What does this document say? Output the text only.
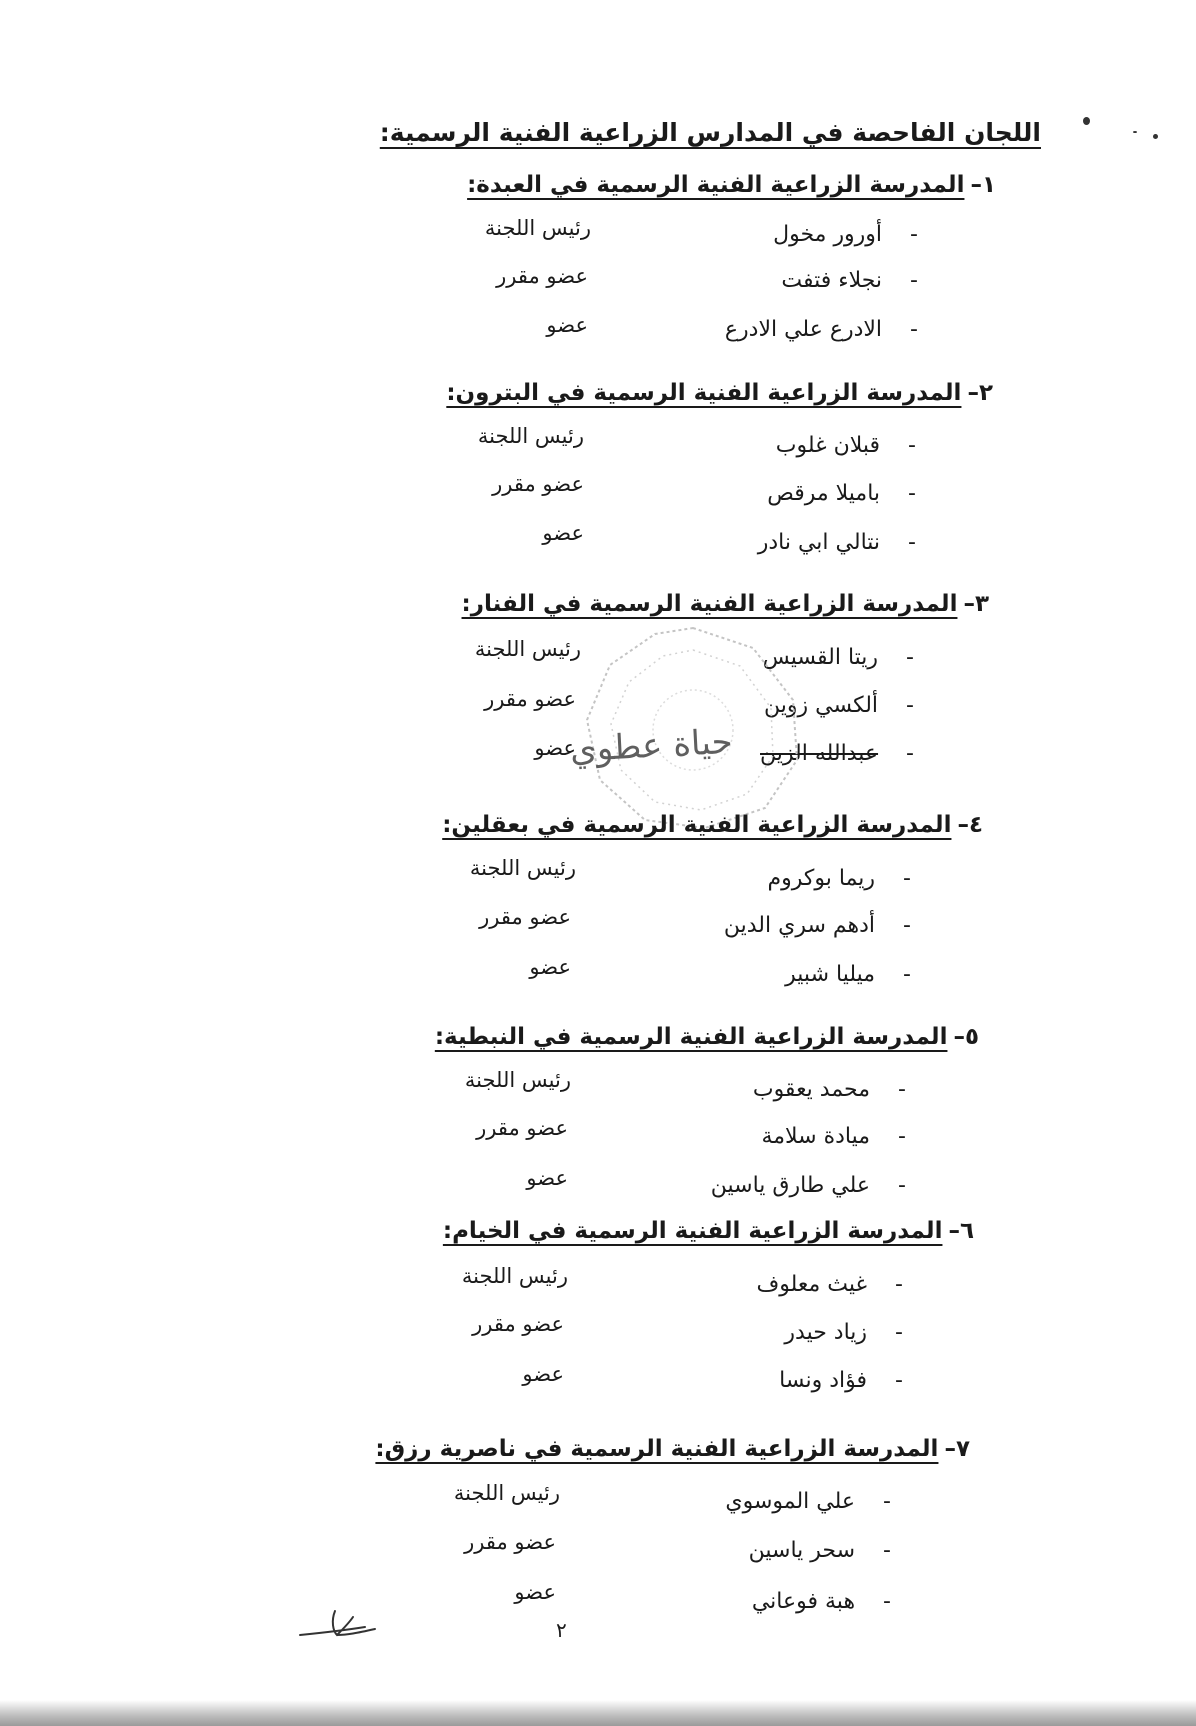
اللجان الفاحصة في المدارس الزراعية الفنية الرسمية:
١–المدرسة الزراعية الفنية الرسمية في العبدة:
-أورور مخول
رئيس اللجنة
-نجلاء فتفت
عضو مقرر
-الادرع علي الادرع
عضو
٢–المدرسة الزراعية الفنية الرسمية في البترون:
-قبلان غلوب
رئيس اللجنة
-باميلا مرقص
عضو مقرر
-نتالي ابي نادر
عضو
٣–المدرسة الزراعية الفنية الرسمية في الفنار:
-ريتا القسيس
رئيس اللجنة
-ألكسي زوين
عضو مقرر
-عبدالله الزين
عضو
حياة عطوي
٤–المدرسة الزراعية الفنية الرسمية في بعقلين:
-ريما بوكروم
رئيس اللجنة
-أدهم سري الدين
عضو مقرر
-ميليا شبير
عضو
٥–المدرسة الزراعية الفنية الرسمية في النبطية:
-محمد يعقوب
رئيس اللجنة
-ميادة سلامة
عضو مقرر
-علي طارق ياسين
عضو
٦–المدرسة الزراعية الفنية الرسمية في الخيام:
-غيث معلوف
رئيس اللجنة
-زياد حيدر
عضو مقرر
-فؤاد ونسا
عضو
٧–المدرسة الزراعية الفنية الرسمية في ناصرية رزق:
-علي الموسوي
رئيس اللجنة
-سحر ياسين
عضو مقرر
-هبة فوعاني
عضو
٢
